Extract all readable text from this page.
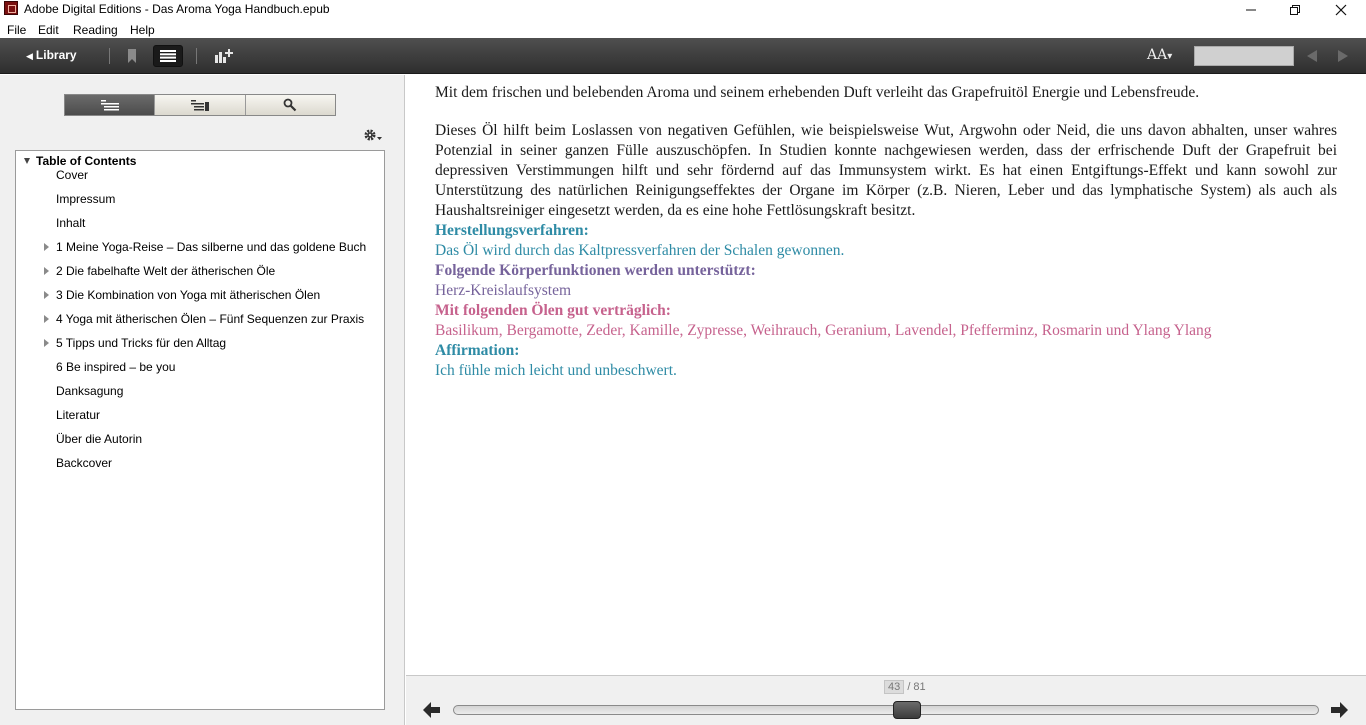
Adobe Digital Editions - Das Aroma Yoga Handbuch.epub
File Edit Reading Help
◀ Library	AA▾
Table of Contents
Cover
Impressum
Inhalt
1 Meine Yoga-Reise – Das silberne und das goldene Buch
2 Die fabelhafte Welt der ätherischen Öle
3 Die Kombination von Yoga mit ätherischen Ölen
4 Yoga mit ätherischen Ölen – Fünf Sequenzen zur Praxis
5 Tipps und Tricks für den Alltag
6 Be inspired – be you
Danksagung
Literatur
Über die Autorin
Backcover

Mit dem frischen und belebenden Aroma und seinem erhebenden Duft verleiht das Grapefruitöl Energie und Lebensfreude.

Dieses Öl hilft beim Loslassen von negativen Gefühlen, wie beispielsweise Wut, Argwohn oder Neid, die uns davon abhalten, unser wahres Potenzial in seiner ganzen Fülle auszuschöpfen. In Studien konnte nachgewiesen werden, dass der erfrischende Duft der Grapefruit bei depressiven Verstimmungen hilft und sehr fördernd auf das Immunsystem wirkt. Es hat einen Entgiftungs-Effekt und kann sowohl zur Unterstützung des natürlichen Reinigungseffektes der Organe im Körper (z.B. Nieren, Leber und das lymphatische System) als auch als Haushaltsreiniger eingesetzt werden, da es eine hohe Fettlösungskraft besitzt.

Herstellungsverfahren:

Das Öl wird durch das Kaltpressverfahren der Schalen gewonnen.

Folgende Körperfunktionen werden unterstützt:

Herz-Kreislaufsystem

Mit folgenden Ölen gut verträglich:

Basilikum, Bergamotte, Zeder, Kamille, Zypresse, Weihrauch, Geranium, Lavendel, Pfefferminz, Rosmarin und Ylang Ylang

Affirmation:

Ich fühle mich leicht und unbeschwert.

43 / 81
